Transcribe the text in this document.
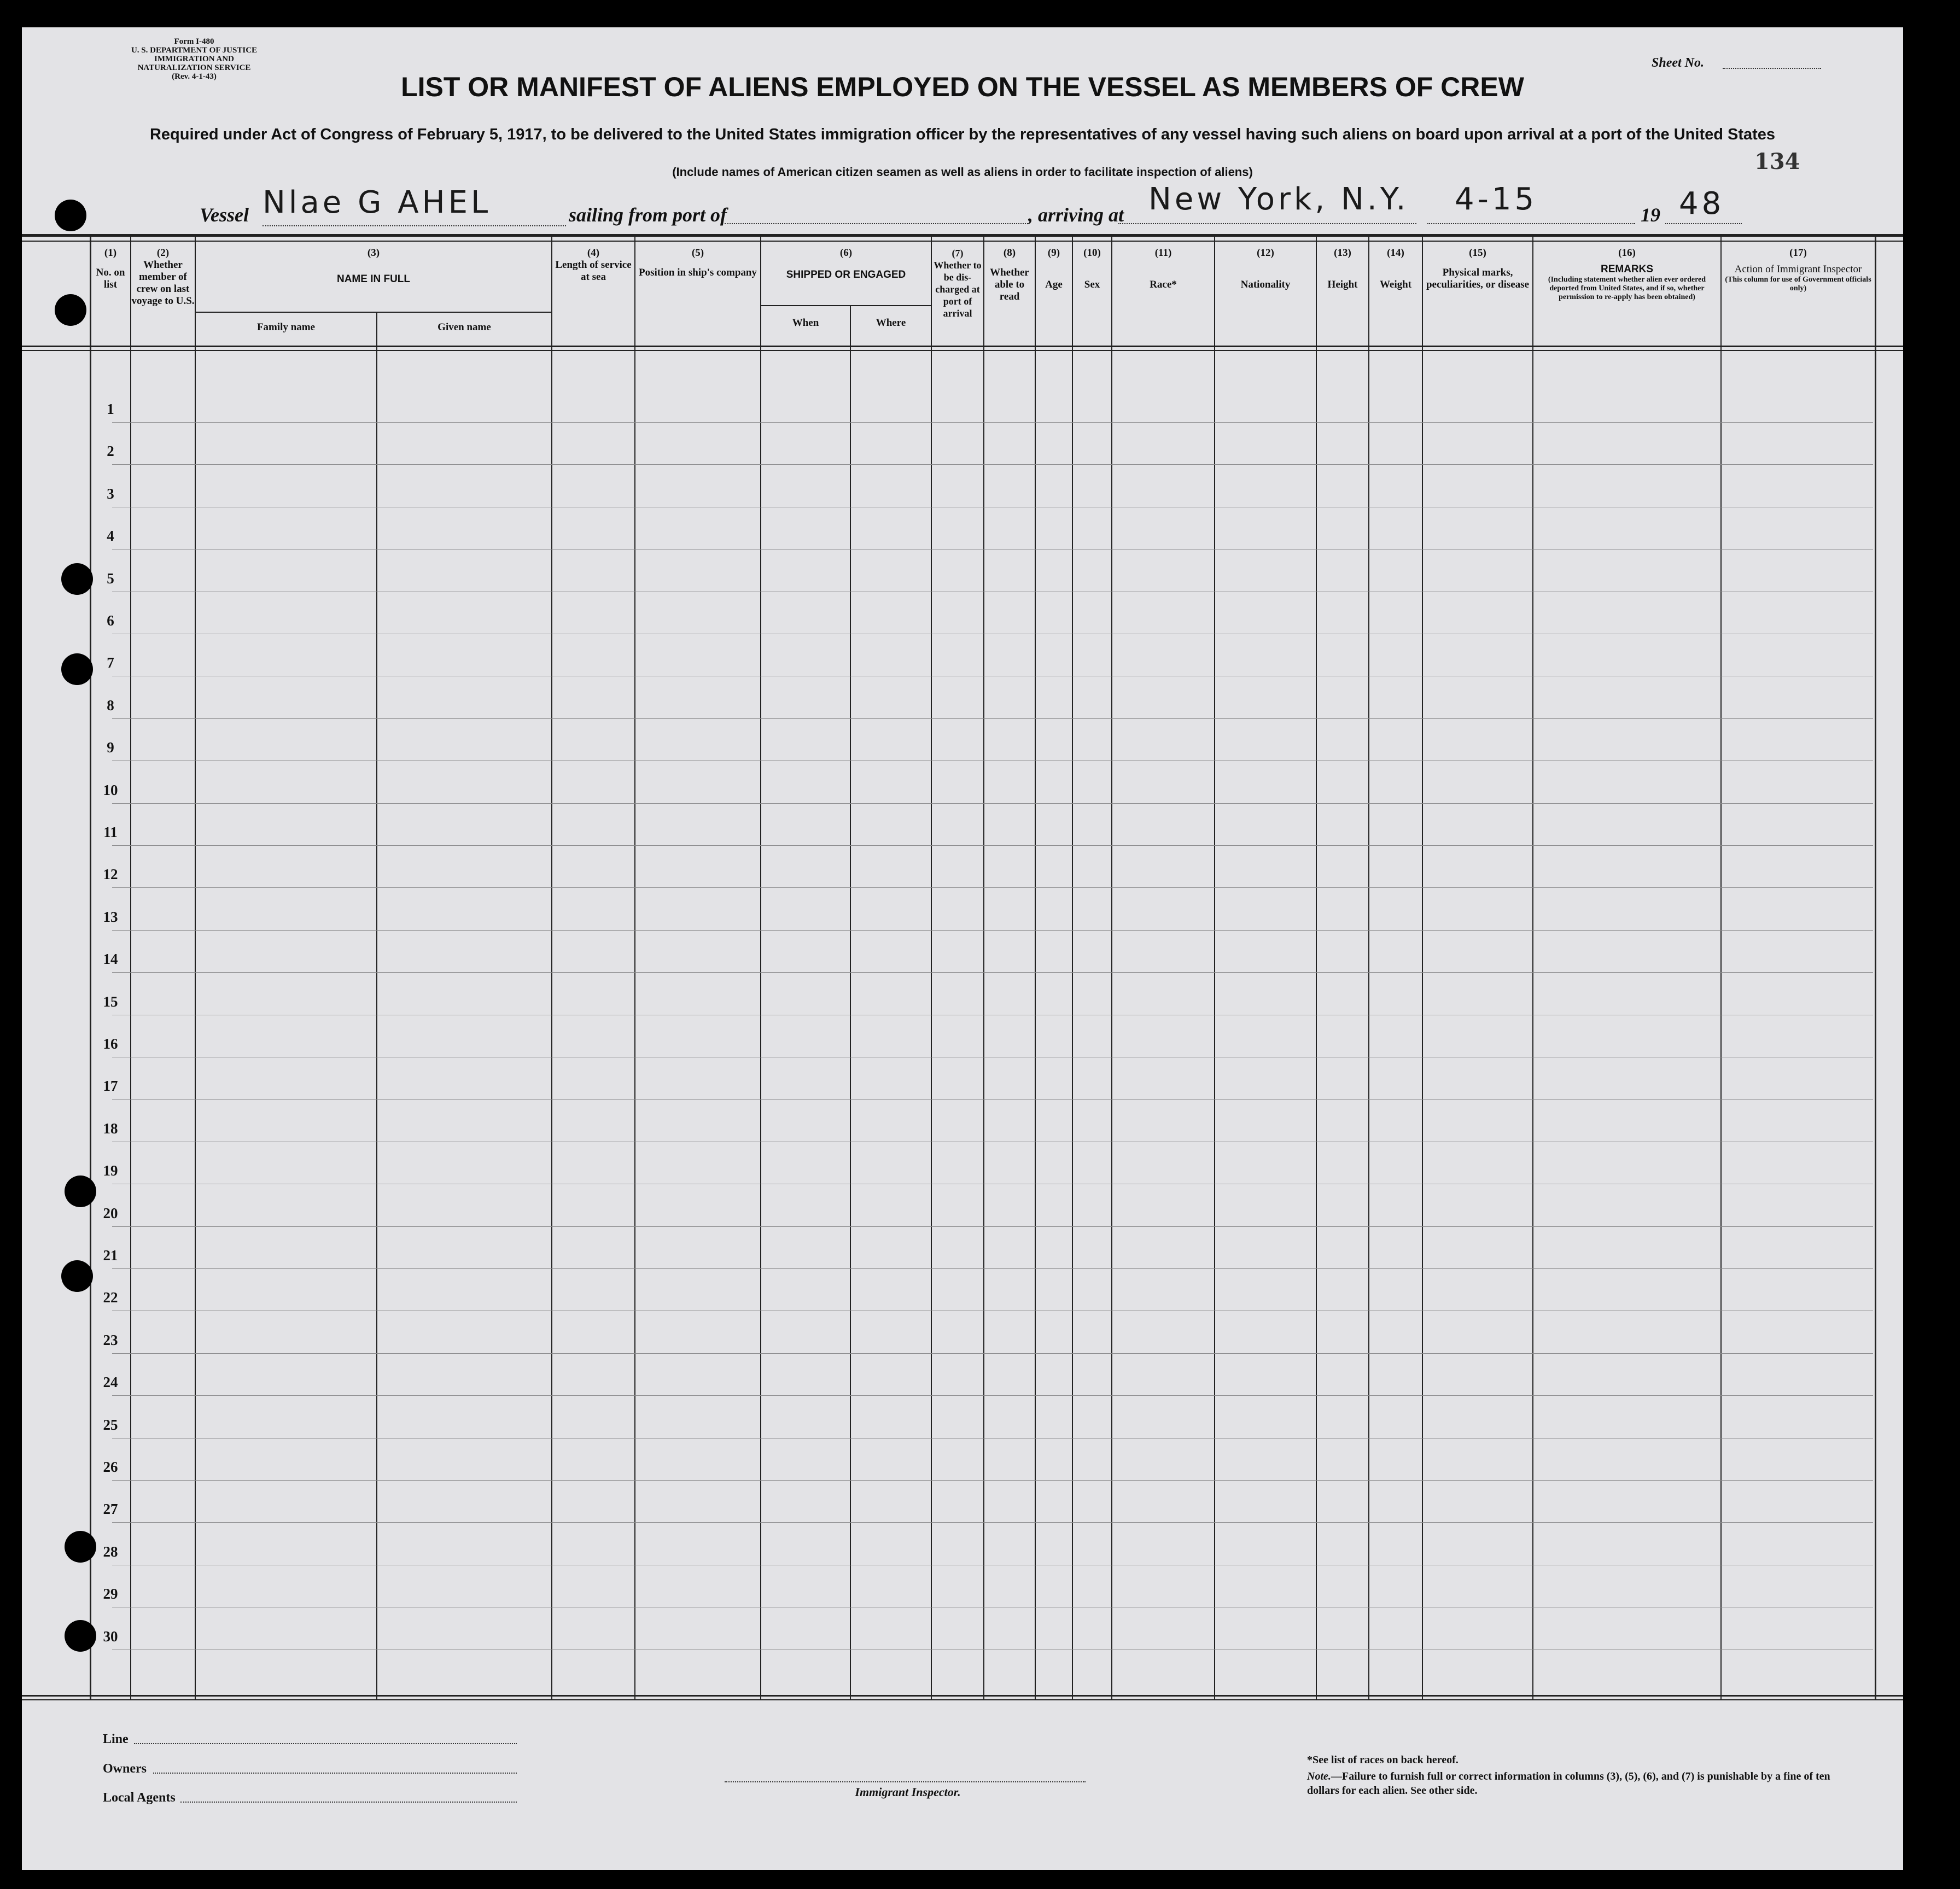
Form I-480
U. S. DEPARTMENT OF JUSTICE
IMMIGRATION AND NATURALIZATION SERVICE
(Rev. 4-1-43)
Sheet No.
LIST OR MANIFEST OF ALIENS EMPLOYED ON THE VESSEL AS MEMBERS OF CREW
Required under Act of Congress of February 5, 1917, to be delivered to the United States immigration officer by the representatives of any vessel having such aliens on board upon arrival at a port of the United States
(Include names of American citizen seamen as well as aliens in order to facilitate inspection of aliens)	134
Vessel Nlae G AHEL	sailing from port of	, arriving at New York, N.Y. 4-15	19 48
(1)
No. on list
(2)
Whether member of crew on last voyage to U.S.
(3)
NAME IN FULL
Family name	Given name
(4)
Length of service at sea
(5)
Position in ship's company
(6)
SHIPPED OR ENGAGED
When	Where
(7)
Whether to be dis-charged at port of arrival
(8)
Whether able to read
(9)
Age
(10)
Sex
(11)
Race*
(12)
Nationality
(13)
Height
(14)
Weight
(15)
Physical marks, peculiarities, or disease
(16)
REMARKS
(Including statement whether alien ever ordered deported from United States, and if so, whether permission to re-apply has been obtained)
(17)
Action of Immigrant Inspector
(This column for use of Government officials only)
1
2
3
4
5
6
7
8
9
10
11
12
13
14
15
16
17
18
19
20
21
22
23
24
25
26
27
28
29
30
Line
Owners
Local Agents	Immigrant Inspector.
*See list of races on back hereof.
Note.—Failure to furnish full or correct information in columns (3), (5), (6), and (7) is punishable by a fine of ten dollars for each alien. See other side.
